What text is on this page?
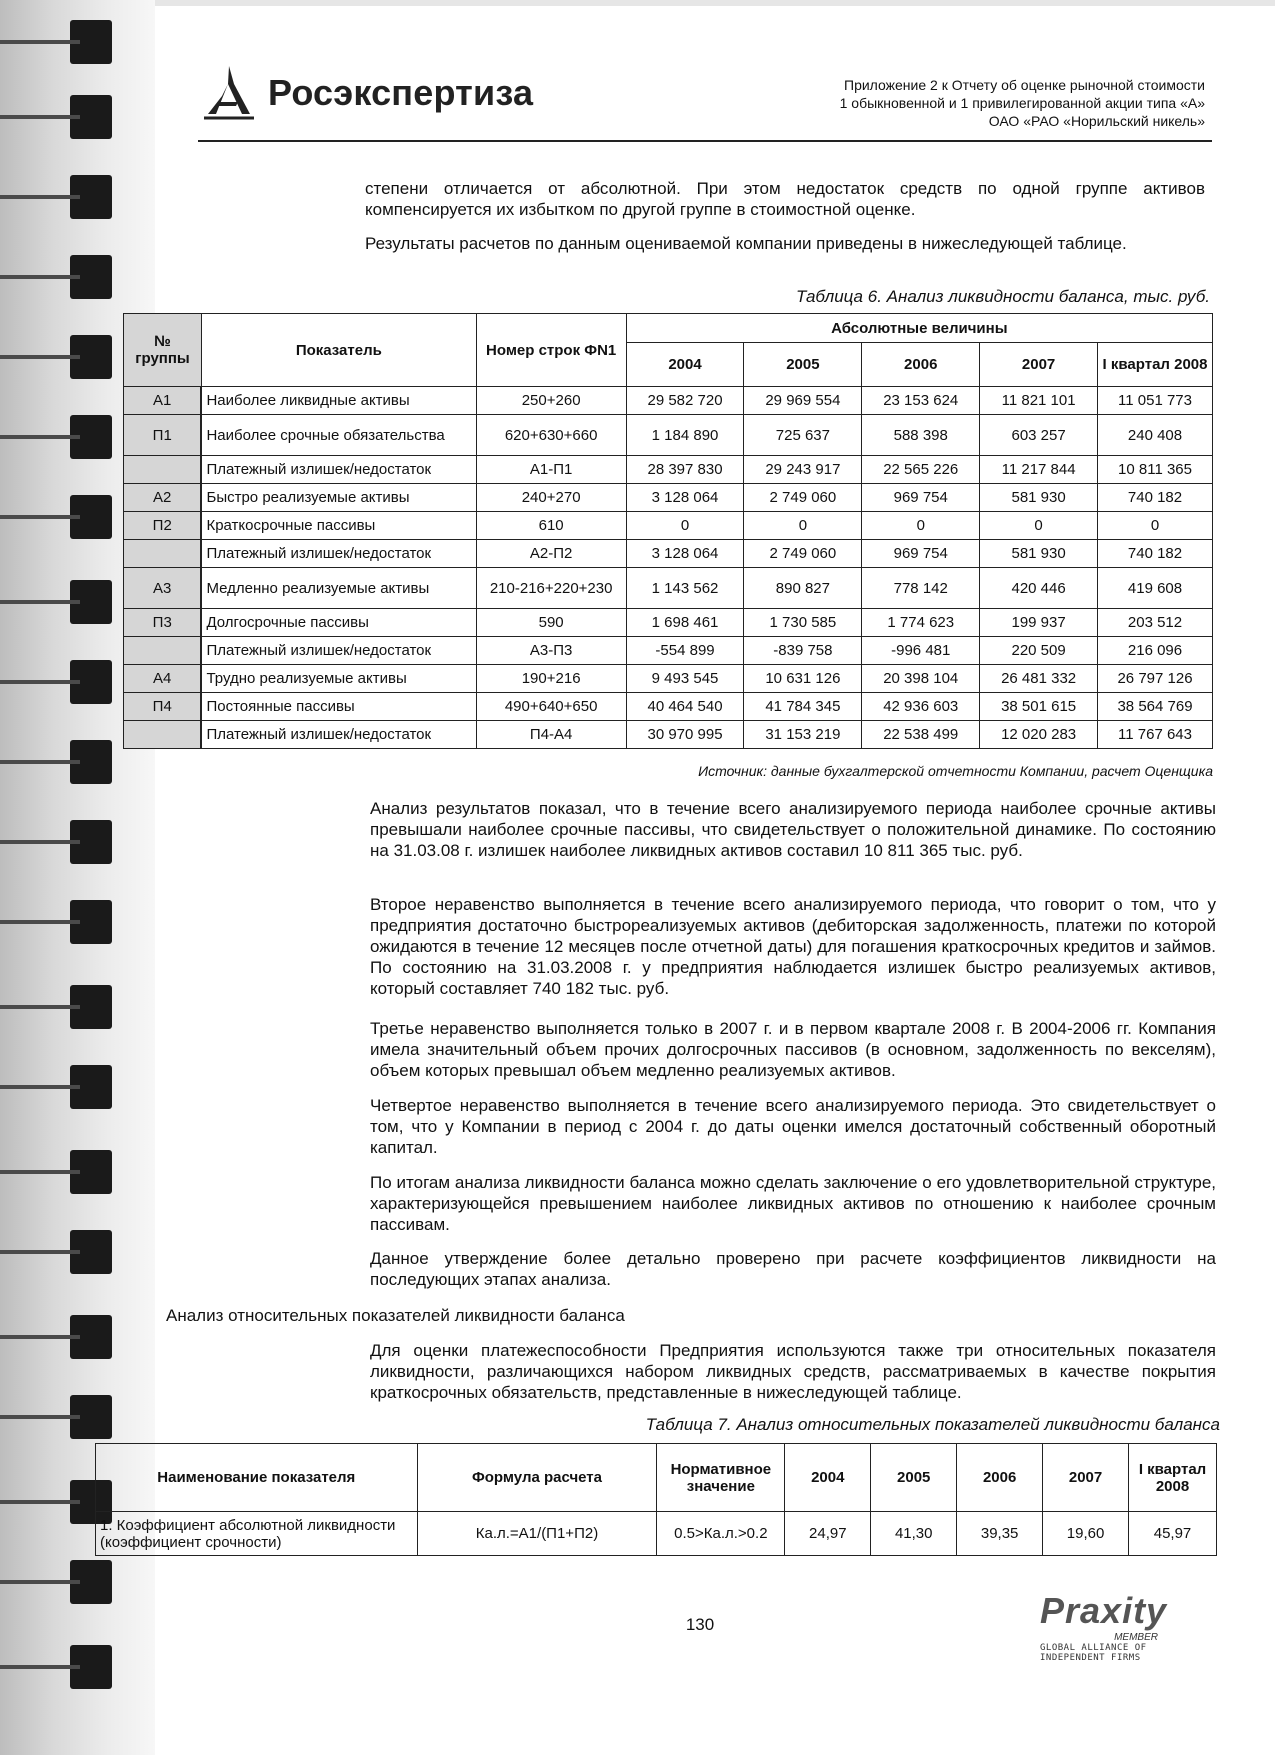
Росэкспертиза	Приложение 2 к Отчету об оценке рыночной стоимости
1 обыкновенной и 1 привилегированной акции типа «А»
ОАО «РАО «Норильский никель»
степени отличается от абсолютной. При этом недостаток средств по одной группе активов компенсируется их избытком по другой группе в стоимостной оценке.
Результаты расчетов по данным оцениваемой компании приведены в нижеследующей таблице.
Таблица 6. Анализ ликвидности баланса, тыс. руб.
№ группы	Показатель	Номер строк ФN1	Абсолютные величины				
			2004	2005	2006	2007	I квартал 2008
А1	Наиболее ликвидные активы	250+260	29 582 720	29 969 554	23 153 624	11 821 101	11 051 773
П1	Наиболее срочные обязательства	620+630+660	1 184 890	725 637	588 398	603 257	240 408
	Платежный излишек/недостаток	А1-П1	28 397 830	29 243 917	22 565 226	11 217 844	10 811 365
А2	Быстро реализуемые активы	240+270	3 128 064	2 749 060	969 754	581 930	740 182
П2	Краткосрочные пассивы	610	0	0	0	0	0
	Платежный излишек/недостаток	А2-П2	3 128 064	2 749 060	969 754	581 930	740 182
А3	Медленно реализуемые активы	210-216+220+230	1 143 562	890 827	778 142	420 446	419 608
П3	Долгосрочные пассивы	590	1 698 461	1 730 585	1 774 623	199 937	203 512
	Платежный излишек/недостаток	А3-П3	-554 899	-839 758	-996 481	220 509	216 096
А4	Трудно реализуемые активы	190+216	9 493 545	10 631 126	20 398 104	26 481 332	26 797 126
П4	Постоянные пассивы	490+640+650	40 464 540	41 784 345	42 936 603	38 501 615	38 564 769
	Платежный излишек/недостаток	П4-А4	30 970 995	31 153 219	22 538 499	12 020 283	11 767 643
Источник: данные бухгалтерской отчетности Компании, расчет Оценщика
Анализ результатов показал, что в течение всего анализируемого периода наиболее срочные активы превышали наиболее срочные пассивы, что свидетельствует о положительной динамике. По состоянию на 31.03.08 г. излишек наиболее ликвидных активов составил 10 811 365 тыс. руб.
Второе неравенство выполняется в течение всего анализируемого периода, что говорит о том, что у предприятия достаточно быстрореализуемых активов (дебиторская задолженность, платежи по которой ожидаются в течение 12 месяцев после отчетной даты) для погашения краткосрочных кредитов и займов. По состоянию на 31.03.2008 г. у предприятия наблюдается излишек быстро реализуемых активов, который составляет 740 182 тыс. руб.
Третье неравенство выполняется только в 2007 г. и в первом квартале 2008 г. В 2004-2006 гг. Компания имела значительный объем прочих долгосрочных пассивов (в основном, задолженность по векселям), объем которых превышал объем медленно реализуемых активов.
Четвертое неравенство выполняется в течение всего анализируемого периода. Это свидетельствует о том, что у Компании в период с 2004 г. до даты оценки имелся достаточный собственный оборотный капитал.
По итогам анализа ликвидности баланса можно сделать заключение о его удовлетворительной структуре, характеризующейся превышением наиболее ликвидных активов по отношению к наиболее срочным пассивам.
Данное утверждение более детально проверено при расчете коэффициентов ликвидности на последующих этапах анализа.
Анализ относительных показателей ликвидности баланса
Для оценки платежеспособности Предприятия используются также три относительных показателя ликвидности, различающихся набором ликвидных средств, рассматриваемых в качестве покрытия краткосрочных обязательств, представленные в нижеследующей таблице.
Таблица 7. Анализ относительных показателей ликвидности баланса
Наименование показателя	Формула расчета	Нормативное значение	2004	2005	2006	2007	I квартал 2008
1. Коэффициент абсолютной ликвидности (коэффициент срочности)	Ка.л.=А1/(П1+П2)	0.5>Ка.л.>0.2	24,97	41,30	39,35	19,60	45,97
130	Praxity
MEMBER
GLOBAL ALLIANCE OF
INDEPENDENT FIRMS
